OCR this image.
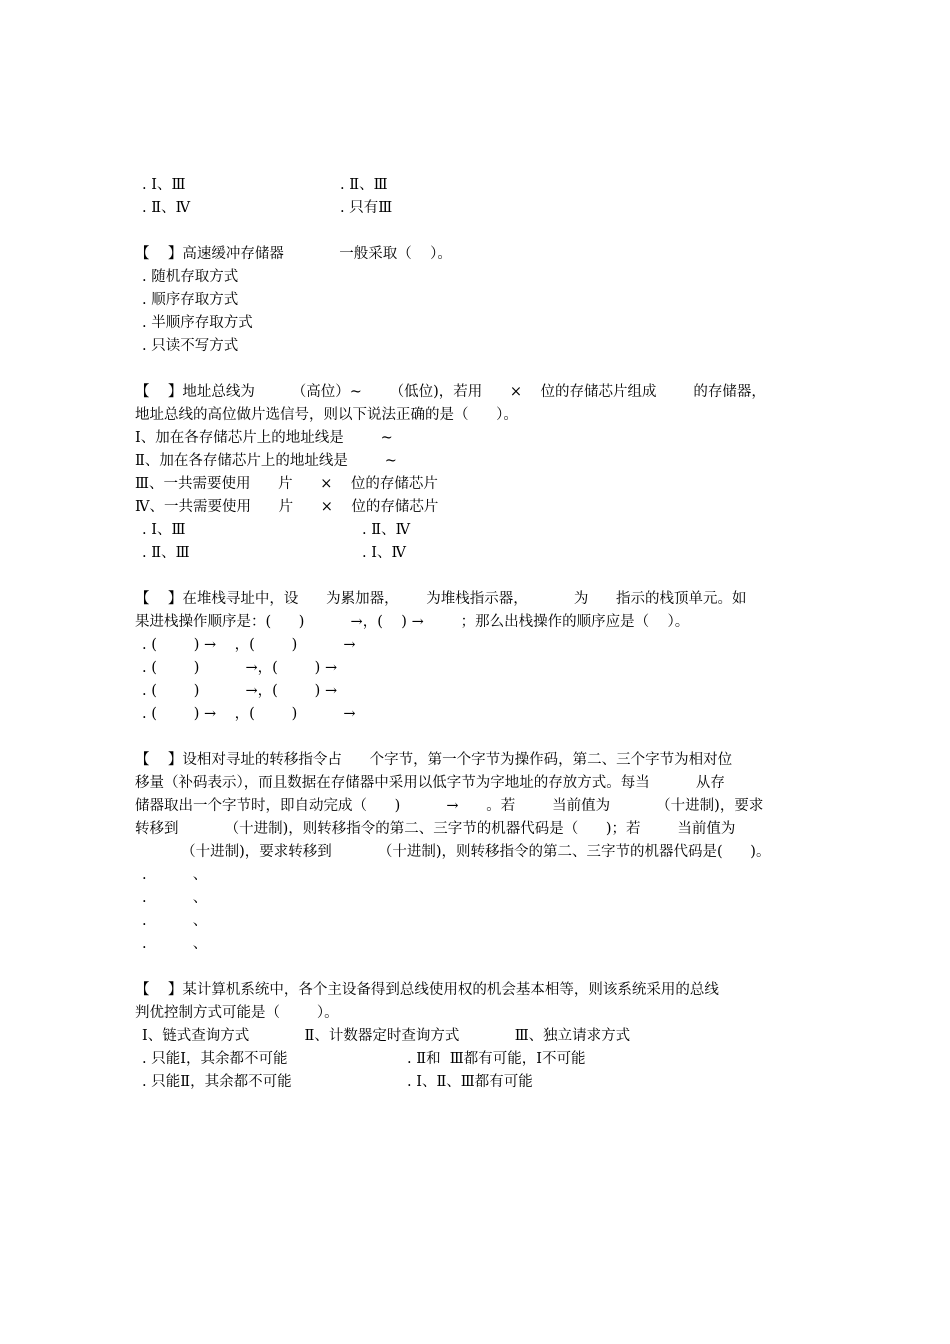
. Ⅰ、Ⅲ	. Ⅱ、Ⅲ
. Ⅱ、Ⅳ	. 只有Ⅲ
【    】高速缓冲存储器            一般采取（    ）。
. 随机存取方式
. 顺序存取方式
. 半顺序存取方式
. 只读不写方式
【    】地址总线为        （高位）~      （低位)，若用      ×    位的存储芯片组成        的存储器，
地址总线的高位做片选信号，则以下说法正确的是（      ）。
Ⅰ、加在各存储芯片上的地址线是        ~
Ⅱ、加在各存储芯片上的地址线是        ~
Ⅲ、一共需要使用      片      ×    位的存储芯片
Ⅳ、一共需要使用      片      ×    位的存储芯片
. Ⅰ、Ⅲ	. Ⅱ、Ⅳ
. Ⅱ、Ⅲ	. Ⅰ、Ⅳ
【    】在堆栈寻址中，设      为累加器，      为堆栈指示器，          为      指示的栈顶单元。如
果进栈操作顺序是：(      )          →，(    ) →        ；那么出栈操作的顺序应是（    ）。
. (        ) →    ，(        )          →
. (        )          →，(        ) →
. (        )          →，(        ) →
. (        ) →    ，(        )          →
【    】设相对寻址的转移指令占      个字节，第一个字节为操作码，第二、三个字节为相对位
移量（补码表示），而且数据在存储器中采用以低字节为字地址的存放方式。每当          从存
储器取出一个字节时，即自动完成（      )          →      。若        当前值为          （十进制)，要求
转移到          （十进制)，则转移指令的第二、三字节的机器代码是（      )；若        当前值为
（十进制)，要求转移到          （十进制)，则转移指令的第二、三字节的机器代码是(      )。
.          、
.          、
.          、
.          、
【    】某计算机系统中，各个主设备得到总线使用权的机会基本相等，则该系统采用的总线
判优控制方式可能是（        ）。
Ⅰ、链式查询方式            Ⅱ、计数器定时查询方式            Ⅲ、独立请求方式
. 只能Ⅰ，其余都不可能	. Ⅱ和  Ⅲ都有可能，Ⅰ不可能
. 只能Ⅱ，其余都不可能	. Ⅰ、Ⅱ、Ⅲ都有可能
